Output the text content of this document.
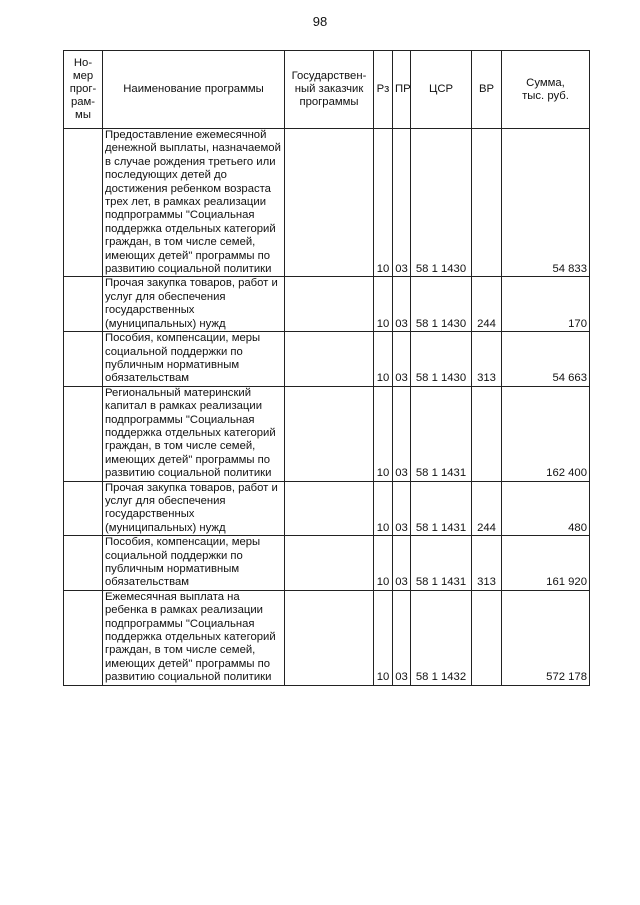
98
Но-
мер
прог-
рам-
мы	Наименование программы	Государствен-
ный заказчик
программы	Рз	ПР	ЦСР	ВР	Сумма,
тыс. руб.
	Предоставление ежемесячной денежной выплаты, назначаемой в случае рождения третьего или последующих детей до достижения ребенком возраста трех лет, в рамках реализации подпрограммы "Социальная поддержка отдельных категорий граждан, в том числе семей, имеющих детей" программы по развитию социальной политики		10	03	58 1 1430		54 833
	Прочая закупка товаров, работ и услуг для обеспечения государственных (муниципальных) нужд		10	03	58 1 1430	244	170
	Пособия, компенсации, меры социальной поддержки по публичным нормативным обязательствам		10	03	58 1 1430	313	54 663
	Региональный материнский капитал в рамках реализации подпрограммы "Социальная поддержка отдельных категорий граждан, в том числе семей, имеющих детей" программы по развитию социальной политики		10	03	58 1 1431		162 400
	Прочая закупка товаров, работ и услуг для обеспечения государственных (муниципальных) нужд		10	03	58 1 1431	244	480
	Пособия, компенсации, меры социальной поддержки по публичным нормативным обязательствам		10	03	58 1 1431	313	161 920
	Ежемесячная выплата на ребенка в рамках реализации подпрограммы "Социальная поддержка отдельных категорий граждан, в том числе семей, имеющих детей" программы по развитию социальной политики		10	03	58 1 1432		572 178
